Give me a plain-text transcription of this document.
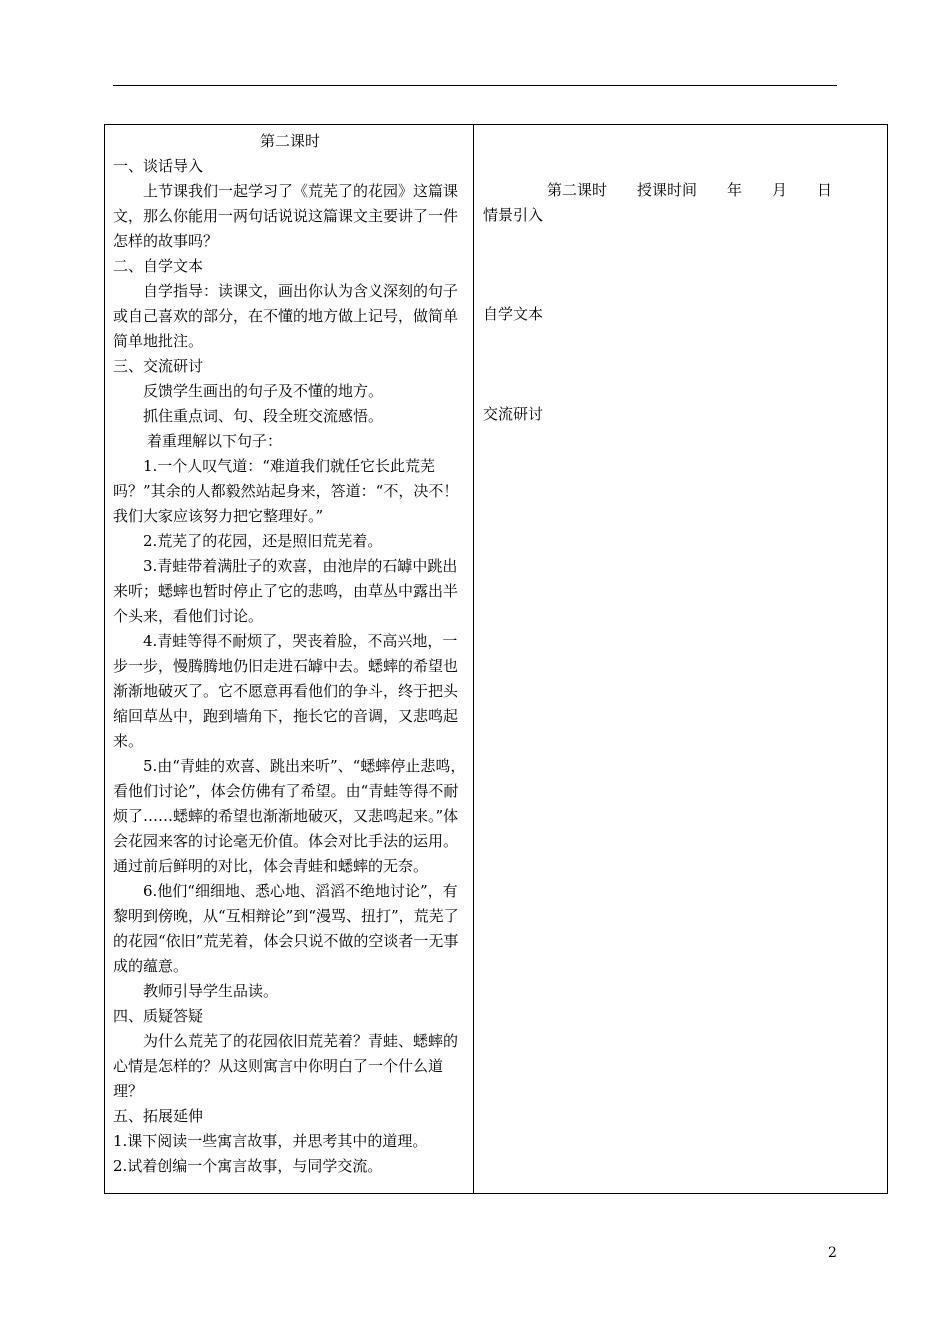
第二课时

一、谈话导入

上节课我们一起学习了《荒芜了的花园》这篇课文，那么你能用一两句话说说这篇课文主要讲了一件怎样的故事吗？

二、自学文本

自学指导：读课文，画出你认为含义深刻的句子或自己喜欢的部分，在不懂的地方做上记号，做简单简单地批注。

三、交流研讨

反馈学生画出的句子及不懂的地方。

抓住重点词、句、段全班交流感悟。

着重理解以下句子：

1.一个人叹气道：“难道我们就任它长此荒芜吗？”其余的人都毅然站起身来，答道：“不，决不！我们大家应该努力把它整理好。”

2.荒芜了的花园，还是照旧荒芜着。

3.青蛙带着满肚子的欢喜，由池岸的石罅中跳出来听；蟋蟀也暂时停止了它的悲鸣，由草丛中露出半个头来，看他们讨论。

4.青蛙等得不耐烦了，哭丧着脸，不高兴地，一步一步，慢腾腾地仍旧走进石罅中去。蟋蟀的希望也渐渐地破灭了。它不愿意再看他们的争斗，终于把头缩回草丛中，跑到墙角下，拖长它的音调，又悲鸣起来。

5.由“青蛙的欢喜、跳出来听”、“蟋蟀停止悲鸣，看他们讨论”，体会仿佛有了希望。由“青蛙等得不耐烦了……蟋蟀的希望也渐渐地破灭，又悲鸣起来。”体会花园来客的讨论毫无价值。体会对比手法的运用。通过前后鲜明的对比，体会青蛙和蟋蟀的无奈。

6.他们“细细地、悉心地、滔滔不绝地讨论”，有黎明到傍晚，从“互相辩论”到“漫骂、扭打”，荒芜了的花园“依旧”荒芜着，体会只说不做的空谈者一无事成的蕴意。

教师引导学生品读。

四、质疑答疑

为什么荒芜了的花园依旧荒芜着？青蛙、蟋蟀的心情是怎样的？从这则寓言中你明白了一个什么道理？

五、拓展延伸

1.课下阅读一些寓言故事，并思考其中的道理。

2.试着创编一个寓言故事，与同学交流。

第二课时　　授课时间　　年　　月　　日

情景引入

自学文本

交流研讨

2
